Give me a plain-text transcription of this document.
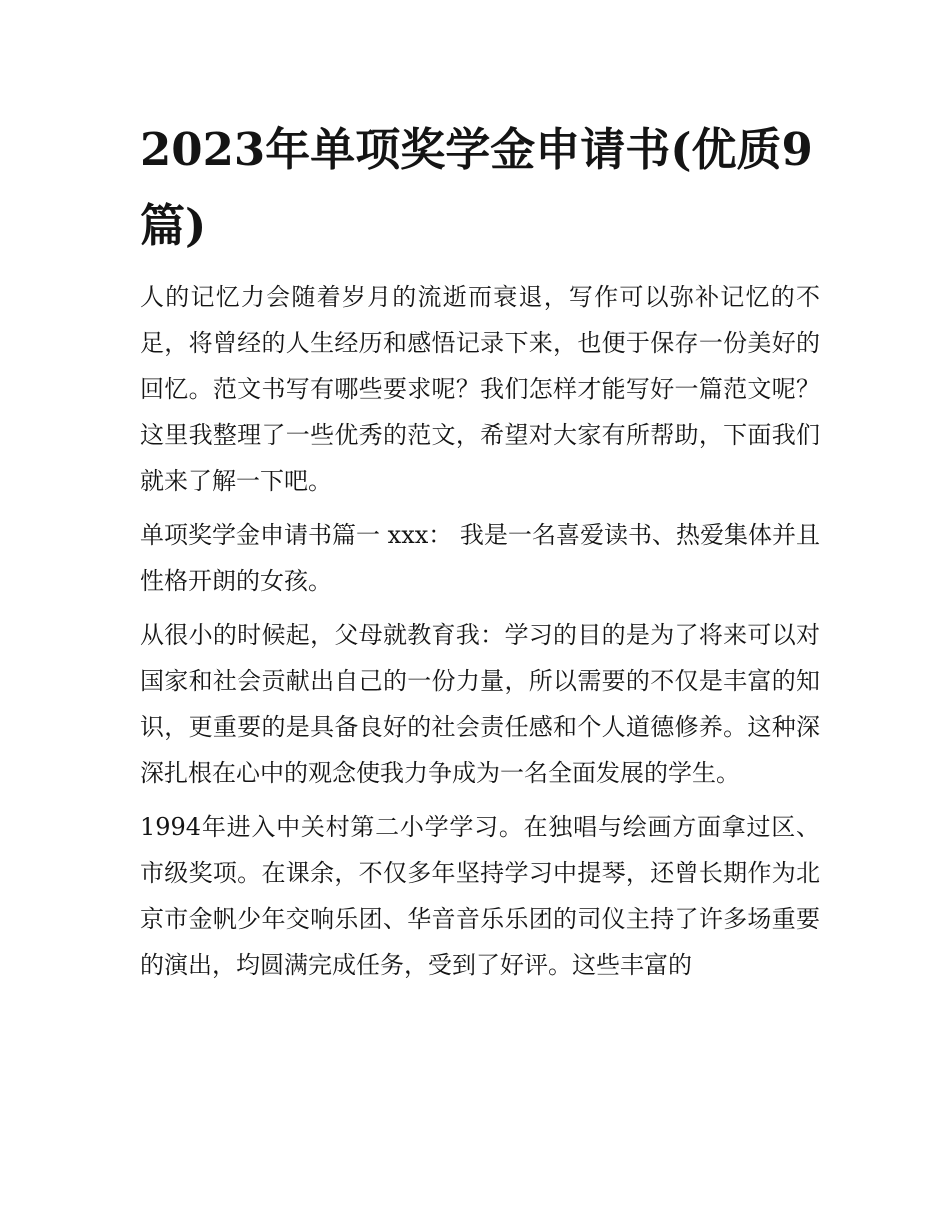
2023年单项奖学金申请书(优质9篇)

人的记忆力会随着岁月的流逝而衰退，写作可以弥补记忆的不足，将曾经的人生经历和感悟记录下来，也便于保存一份美好的回忆。范文书写有哪些要求呢？我们怎样才能写好一篇范文呢？这里我整理了一些优秀的范文，希望对大家有所帮助，下面我们就来了解一下吧。

单项奖学金申请书篇一 xxx： 我是一名喜爱读书、热爱集体并且性格开朗的女孩。

从很小的时候起，父母就教育我：学习的目的是为了将来可以对国家和社会贡献出自己的一份力量，所以需要的不仅是丰富的知识，更重要的是具备良好的社会责任感和个人道德修养。这种深深扎根在心中的观念使我力争成为一名全面发展的学生。

1994年进入中关村第二小学学习。在独唱与绘画方面拿过区、市级奖项。在课余，不仅多年坚持学习中提琴，还曾长期作为北京市金帆少年交响乐团、华音音乐乐团的司仪主持了许多场重要的演出，均圆满完成任务，受到了好评。这些丰富的
